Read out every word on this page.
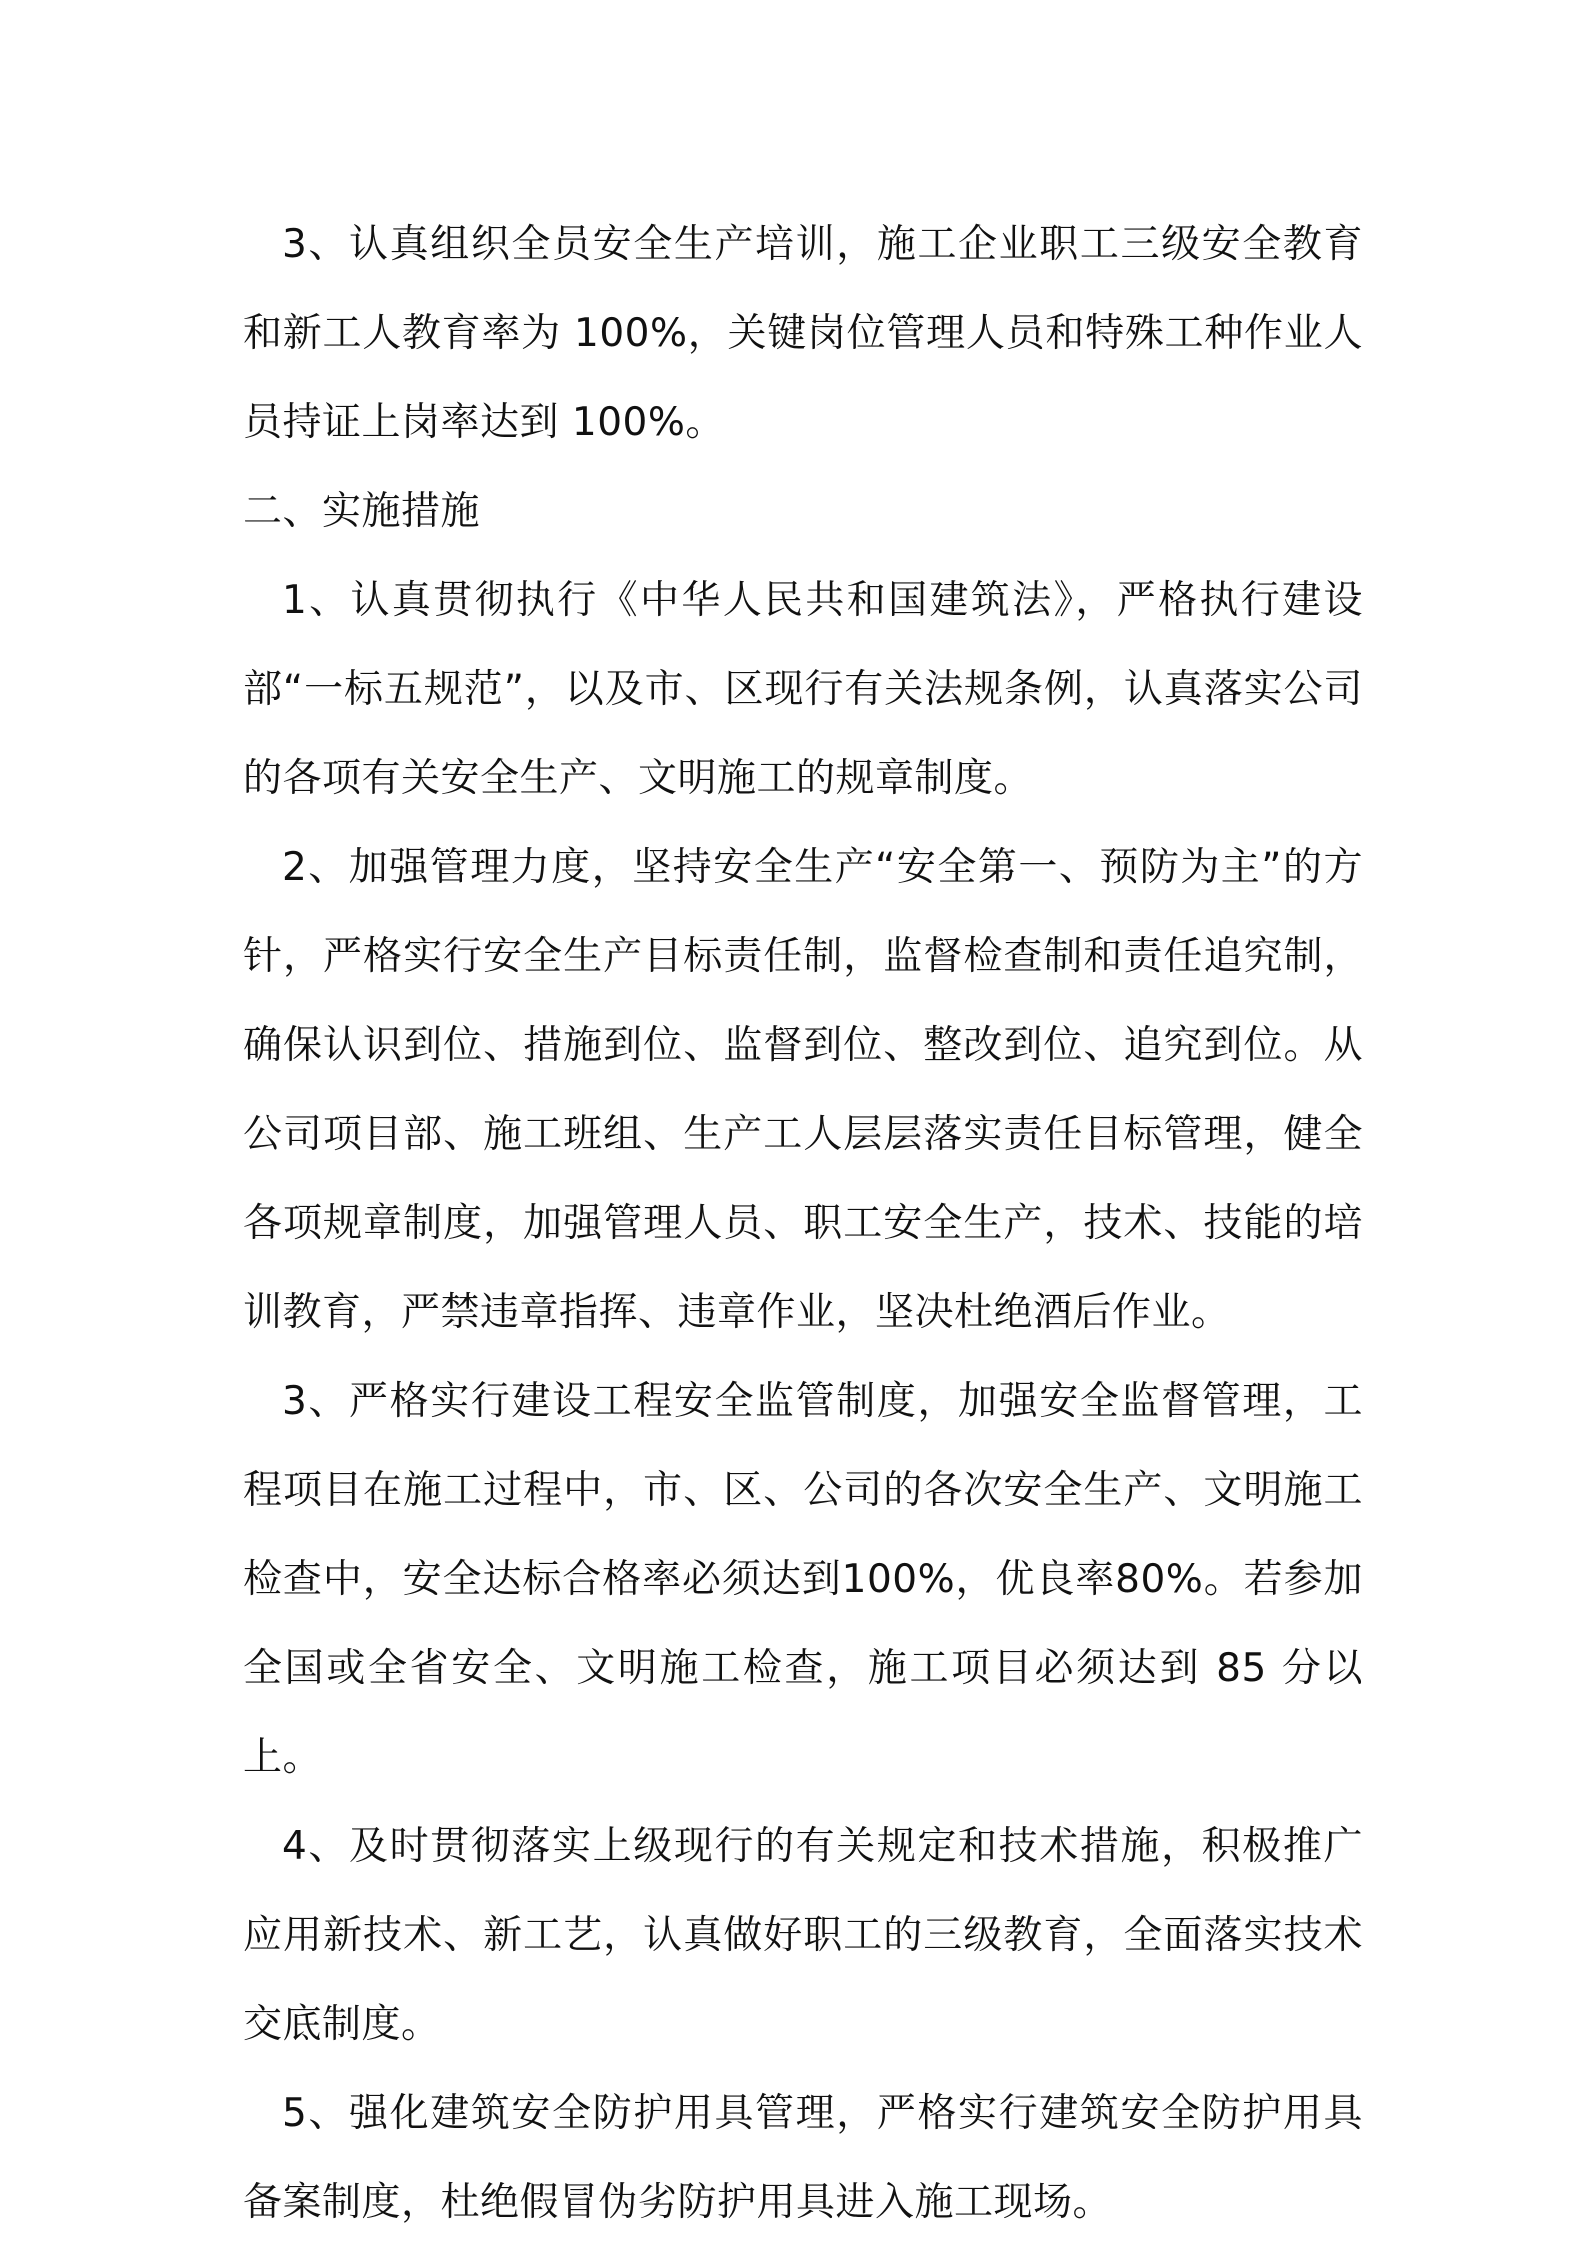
3、认真组织全员安全生产培训，施工企业职工三级安全教育和新工人教育率为 100%，关键岗位管理人员和特殊工种作业人员持证上岗率达到 100%。

二、实施措施

1、认真贯彻执行《中华人民共和国建筑法》，严格执行建设部“一标五规范”，以及市、区现行有关法规条例，认真落实公司的各项有关安全生产、文明施工的规章制度。

2、加强管理力度，坚持安全生产“安全第一、预防为主”的方针，严格实行安全生产目标责任制，监督检查制和责任追究制，确保认识到位、措施到位、监督到位、整改到位、追究到位。从公司项目部、施工班组、生产工人层层落实责任目标管理，健全各项规章制度，加强管理人员、职工安全生产，技术、技能的培训教育，严禁违章指挥、违章作业，坚决杜绝酒后作业。

3、严格实行建设工程安全监管制度，加强安全监督管理，工程项目在施工过程中，市、区、公司的各次安全生产、文明施工检查中，安全达标合格率必须达到100%，优良率80%。若参加全国或全省安全、文明施工检查，施工项目必须达到 85 分以上。

4、及时贯彻落实上级现行的有关规定和技术措施，积极推广应用新技术、新工艺，认真做好职工的三级教育，全面落实技术交底制度。

5、强化建筑安全防护用具管理，严格实行建筑安全防护用具备案制度，杜绝假冒伪劣防护用具进入施工现场。
